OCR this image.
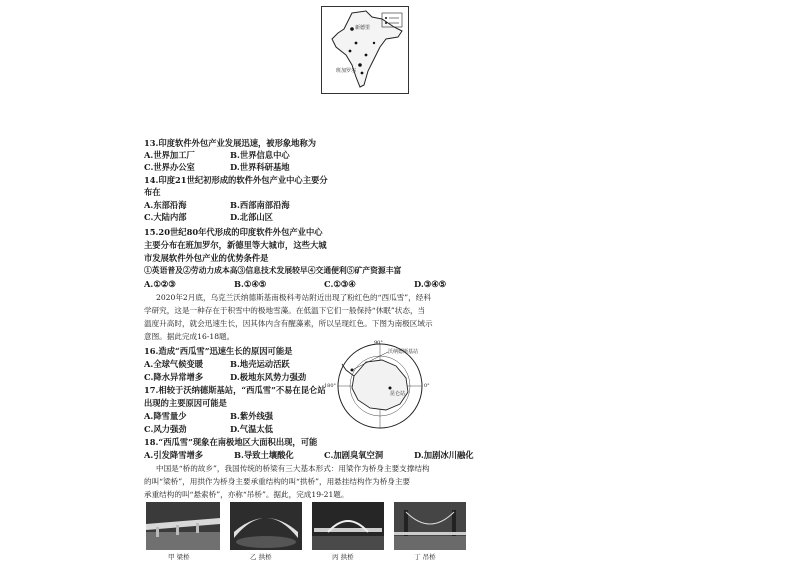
新德里
班加罗尔
13.印度软件外包产业发展迅速，被形象地称为
A.世界加工厂	B.世界信息中心
C.世界办公室	D.世界科研基地
14.印度21世纪初形成的软件外包产业中心主要分
布在
A.东部沿海	B.西部南部沿海
C.大陆内部	D.北部山区
15.20世纪80年代形成的印度软件外包产业中心
主要分布在班加罗尔，新德里等大城市，这些大城
市发展软件外包产业的优势条件是
①英语普及②劳动力成本高③信息技术发展较早④交通便利⑤矿产资源丰富
A.①②③	B.①④⑤	C.①③④	D.③④⑤
2020年2月底，乌克兰沃纳德斯基南极科考站附近出现了粉红色的“西瓜雪”，经科
学研究，这是一种存在于积雪中的极地雪藻。在低温下它们一般保持“休眠”状态，当
温度升高时，就会迅速生长，因其体内含有醒藻素，所以呈现红色。下图为南极区域示
意图。据此完成16-18题。
90°
沃纳德斯基站
0°
180°
昆仑站
16.造成“西瓜雪”迅速生长的原因可能是
A.全球气候变暖	B.地壳运动活跃
C.降水异常增多	D.极地东风势力强劲
17.相较于沃纳德斯基站，“西瓜雪”不易在昆仑站
出现的主要原因可能是
A.降雪量少	B.紫外线强
C.风力强劲	D.气温太低
18.“西瓜雪”现象在南极地区大面积出现，可能
A.引发降雪增多	B.导致土壤酸化	C.加剧臭氧空洞	D.加剧冰川融化
中国是“桥的故乡”，我国传统的桥梁有三大基本形式：用梁作为桥身主要支撑结构
的叫“梁桥”，用拱作为桥身主要承重结构的叫“拱桥”，用悬挂结构作为桥身主要
承重结构的叫“悬索桥”，亦称“吊桥”。据此，完成19-21题。
甲 梁桥	乙 拱桥	丙 拱桥	丁 吊桥
